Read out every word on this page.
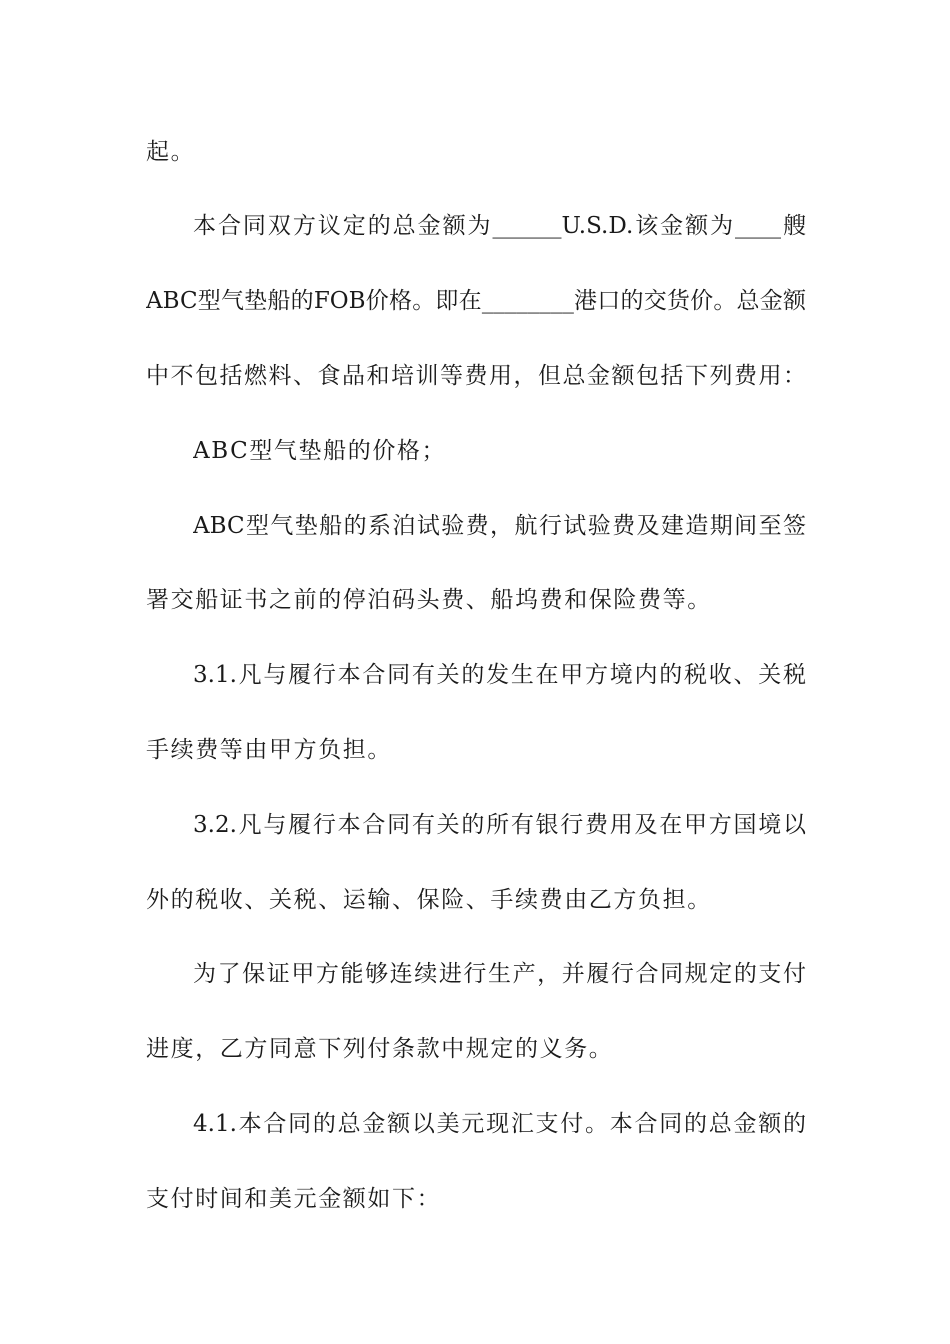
起。

本合同双方议定的总金额为______U.S.D.该金额为____艘

ABC型气垫船的FOB价格。即在________港口的交货价。总金额

中不包括燃料、食品和培训等费用，但总金额包括下列费用：

ABC型气垫船的价格；

ABC型气垫船的系泊试验费，航行试验费及建造期间至签

署交船证书之前的停泊码头费、船坞费和保险费等。

3.1.凡与履行本合同有关的发生在甲方境内的税收、关税

手续费等由甲方负担。

3.2.凡与履行本合同有关的所有银行费用及在甲方国境以

外的税收、关税、运输、保险、手续费由乙方负担。

为了保证甲方能够连续进行生产，并履行合同规定的支付

进度，乙方同意下列付条款中规定的义务。

4.1.本合同的总金额以美元现汇支付。本合同的总金额的

支付时间和美元金额如下：
